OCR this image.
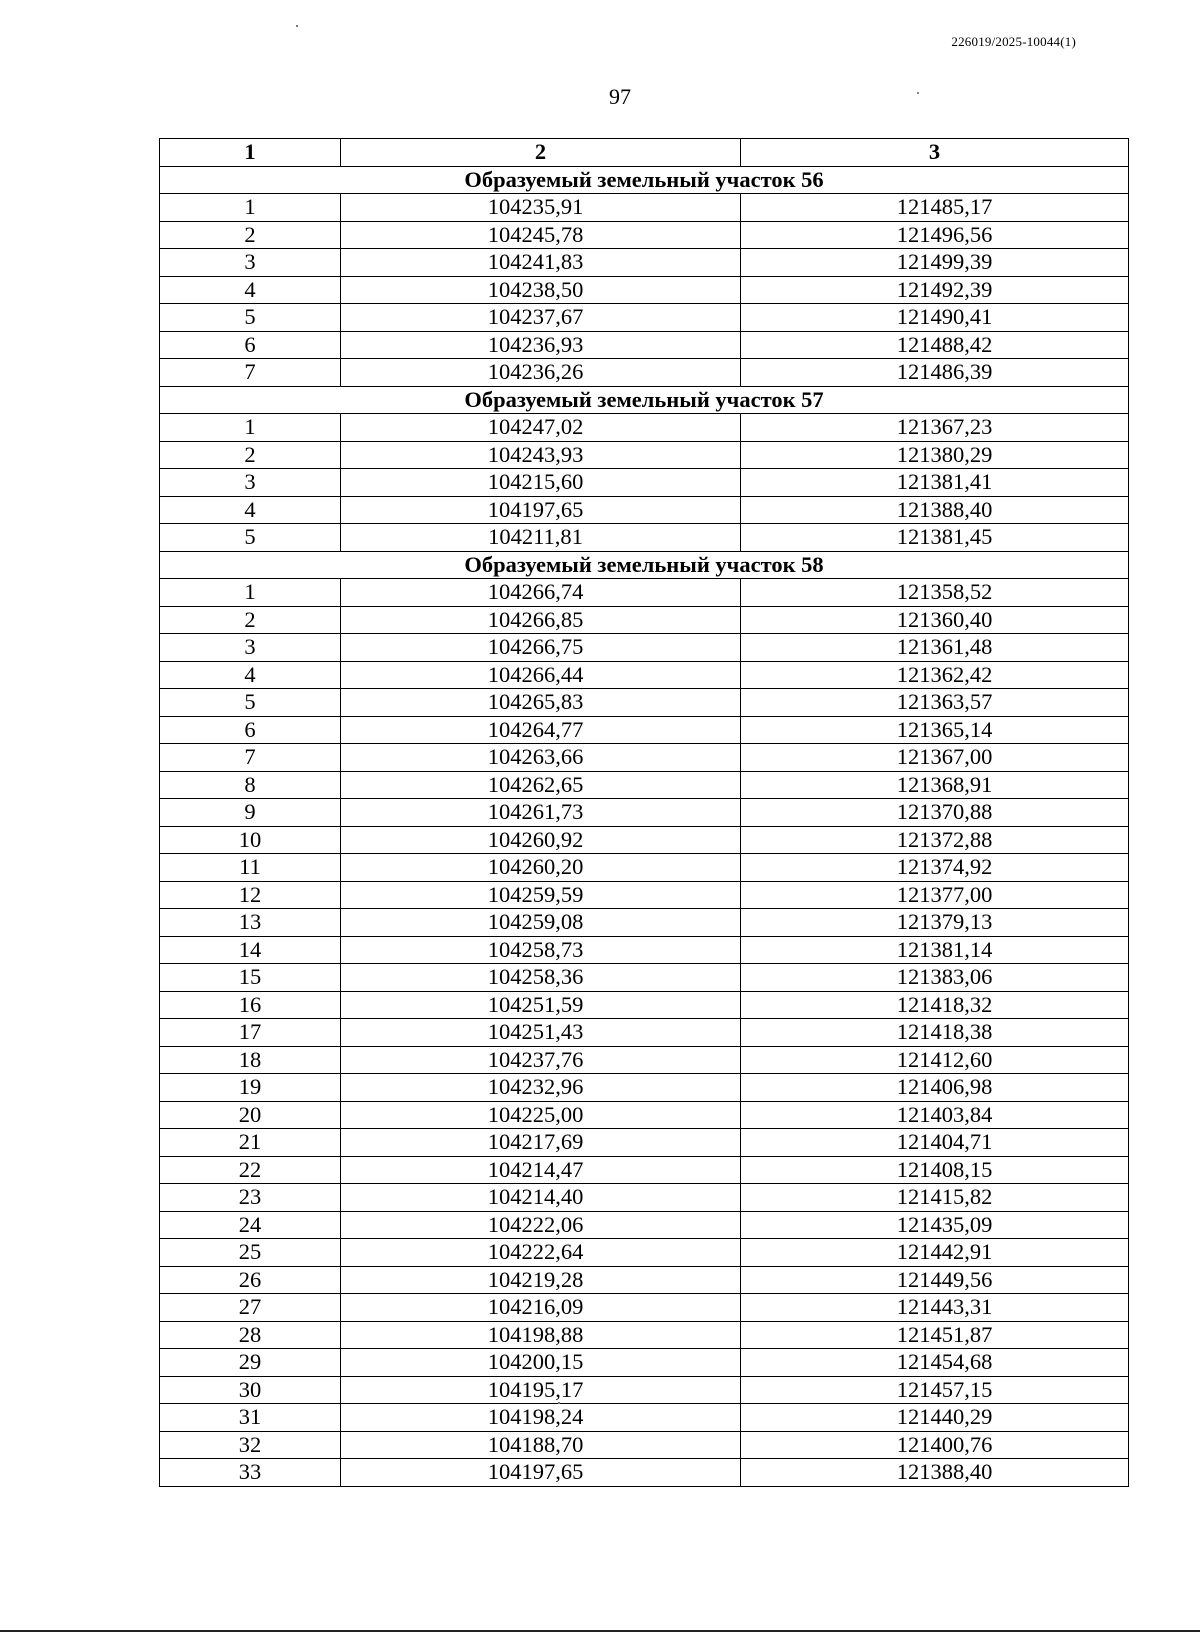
226019/2025-10044(1)
97
1	2	3
Образуемый земельный участок 56		
1	104235,91	121485,17
2	104245,78	121496,56
3	104241,83	121499,39
4	104238,50	121492,39
5	104237,67	121490,41
6	104236,93	121488,42
7	104236,26	121486,39
Образуемый земельный участок 57		
1	104247,02	121367,23
2	104243,93	121380,29
3	104215,60	121381,41
4	104197,65	121388,40
5	104211,81	121381,45
Образуемый земельный участок 58		
1	104266,74	121358,52
2	104266,85	121360,40
3	104266,75	121361,48
4	104266,44	121362,42
5	104265,83	121363,57
6	104264,77	121365,14
7	104263,66	121367,00
8	104262,65	121368,91
9	104261,73	121370,88
10	104260,92	121372,88
11	104260,20	121374,92
12	104259,59	121377,00
13	104259,08	121379,13
14	104258,73	121381,14
15	104258,36	121383,06
16	104251,59	121418,32
17	104251,43	121418,38
18	104237,76	121412,60
19	104232,96	121406,98
20	104225,00	121403,84
21	104217,69	121404,71
22	104214,47	121408,15
23	104214,40	121415,82
24	104222,06	121435,09
25	104222,64	121442,91
26	104219,28	121449,56
27	104216,09	121443,31
28	104198,88	121451,87
29	104200,15	121454,68
30	104195,17	121457,15
31	104198,24	121440,29
32	104188,70	121400,76
33	104197,65	121388,40
